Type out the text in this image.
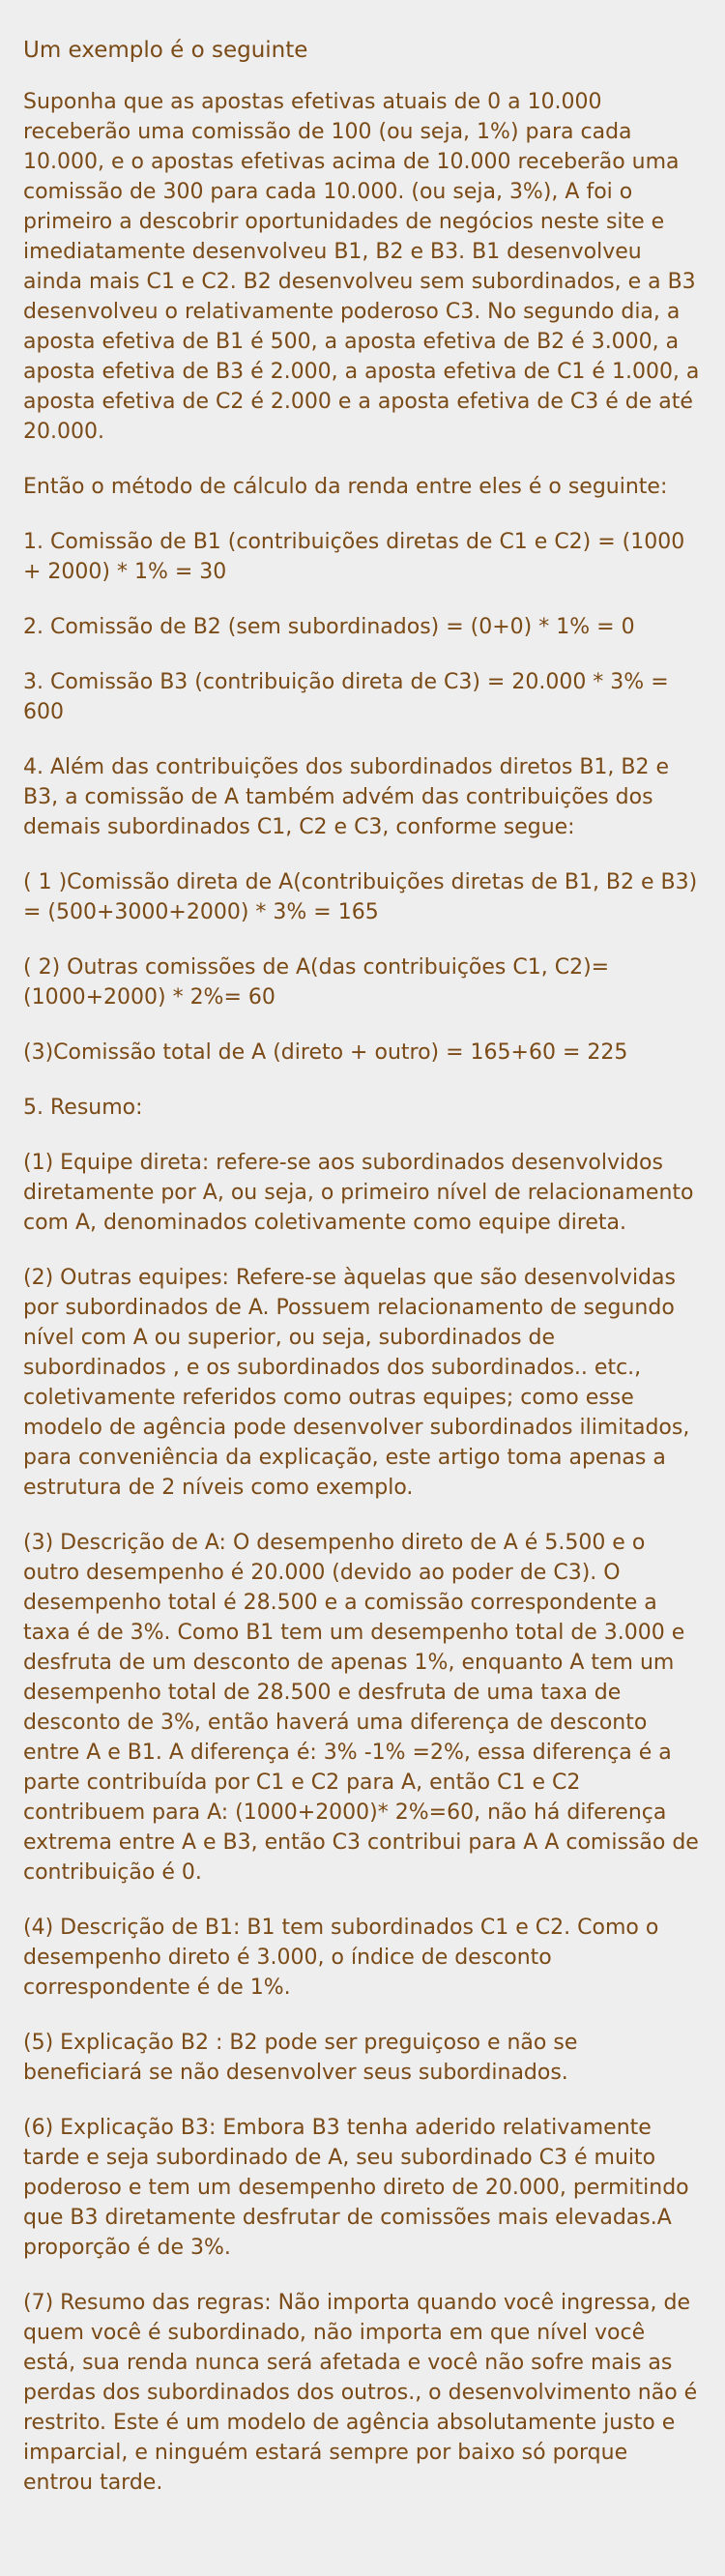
Um exemplo é o seguinte

Suponha que as apostas efetivas atuais de 0 a 10.000 receberão uma comissão de 100 (ou seja, 1%) para cada 10.000, e o apostas efetivas acima de 10.000 receberão uma comissão de 300 para cada 10.000. (ou seja, 3%), A foi o primeiro a descobrir oportunidades de negócios neste site e imediatamente desenvolveu B1, B2 e B3. B1 desenvolveu ainda mais C1 e C2. B2 desenvolveu sem subordinados, e a B3 desenvolveu o relativamente poderoso C3. No segundo dia, a aposta efetiva de B1 é 500, a aposta efetiva de B2 é 3.000, a aposta efetiva de B3 é 2.000, a aposta efetiva de C1 é 1.000, a aposta efetiva de C2 é 2.000 e a aposta efetiva de C3 é de até 20.000.

Então o método de cálculo da renda entre eles é o seguinte:

1. Comissão de B1 (contribuições diretas de C1 e C2) = (1000 + 2000) * 1% = 30

2. Comissão de B2 (sem subordinados) = (0+0) * 1% = 0

3. Comissão B3 (contribuição direta de C3) = 20.000 * 3% = 600

4. Além das contribuições dos subordinados diretos B1, B2 e B3, a comissão de A também advém das contribuições dos demais subordinados C1, C2 e C3, conforme segue:

( 1 )Comissão direta de A(contribuições diretas de B1, B2 e B3) = (500+3000+2000) * 3% = 165

( 2) Outras comissões de A(das contribuições C1, C2)=(1000+2000) * 2%= 60

(3)Comissão total de A (direto + outro) = 165+60 = 225

5. Resumo:

(1) Equipe direta: refere-se aos subordinados desenvolvidos diretamente por A, ou seja, o primeiro nível de relacionamento com A, denominados coletivamente como equipe direta.

(2) Outras equipes: Refere-se àquelas que são desenvolvidas por subordinados de A. Possuem relacionamento de segundo nível com A ou superior, ou seja, subordinados de subordinados , e os subordinados dos subordinados.. etc., coletivamente referidos como outras equipes; como esse modelo de agência pode desenvolver subordinados ilimitados, para conveniência da explicação, este artigo toma apenas a estrutura de 2 níveis como exemplo.

(3) Descrição de A: O desempenho direto de A é 5.500 e o outro desempenho é 20.000 (devido ao poder de C3). O desempenho total é 28.500 e a comissão correspondente a taxa é de 3%. Como B1 tem um desempenho total de 3.000 e desfruta de um desconto de apenas 1%, enquanto A tem um desempenho total de 28.500 e desfruta de uma taxa de desconto de 3%, então haverá uma diferença de desconto entre A e B1. A diferença é: 3% -1% =2%, essa diferença é a parte contribuída por C1 e C2 para A, então C1 e C2 contribuem para A: (1000+2000)* 2%=60, não há diferença extrema entre A e B3, então C3 contribui para A A comissão de contribuição é 0.

(4) Descrição de B1: B1 tem subordinados C1 e C2. Como o desempenho direto é 3.000, o índice de desconto correspondente é de 1%.

(5) Explicação B2 : B2 pode ser preguiçoso e não se beneficiará se não desenvolver seus subordinados.

(6) Explicação B3: Embora B3 tenha aderido relativamente tarde e seja subordinado de A, seu subordinado C3 é muito poderoso e tem um desempenho direto de 20.000, permitindo que B3 diretamente desfrutar de comissões mais elevadas.A proporção é de 3%.

(7) Resumo das regras: Não importa quando você ingressa, de quem você é subordinado, não importa em que nível você está, sua renda nunca será afetada e você não sofre mais as perdas dos subordinados dos outros., o desenvolvimento não é restrito. Este é um modelo de agência absolutamente justo e imparcial, e ninguém estará sempre por baixo só porque entrou tarde.
